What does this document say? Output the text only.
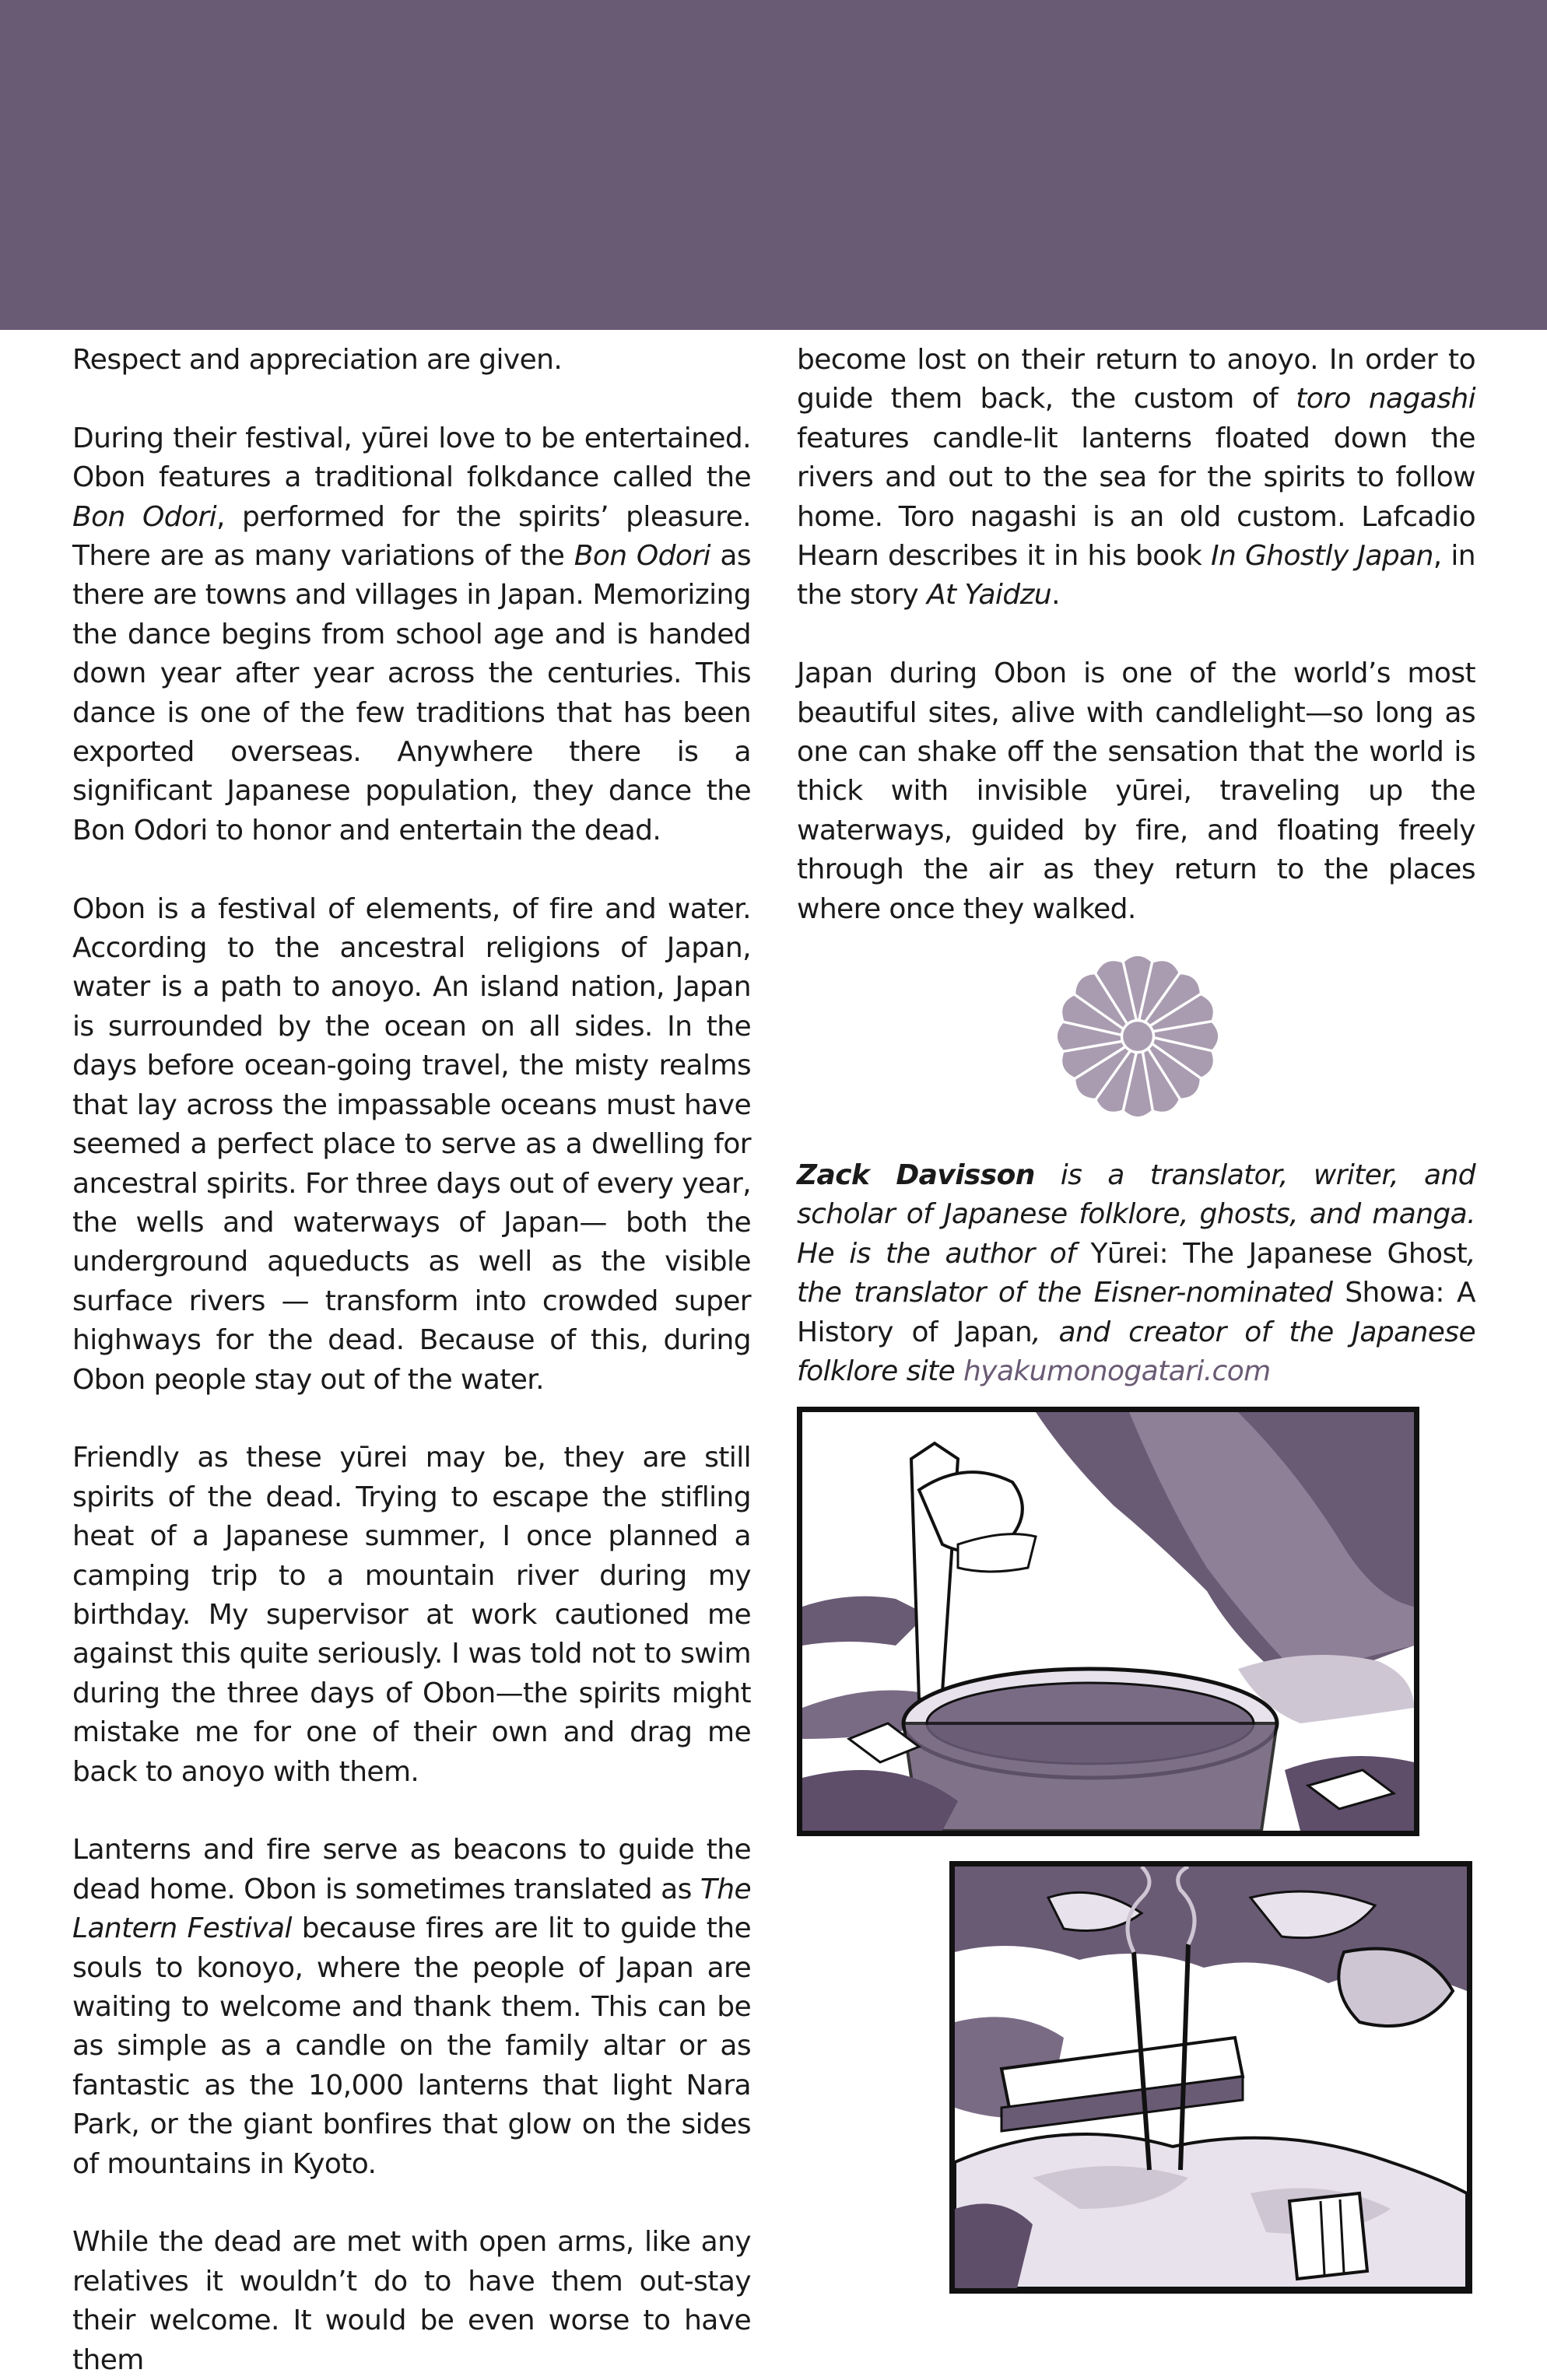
Respect and appreciation are given.

During their festival, yūrei love to be entertained. Obon features a traditional folkdance called the Bon Odori, performed for the spirits’ pleasure. There are as many variations of the Bon Odori as there are towns and villages in Japan. Memorizing the dance begins from school age and is handed down year after year across the centuries. This dance is one of the few traditions that has been exported overseas. Anywhere there is a significant Japanese population, they dance the Bon Odori to honor and entertain the dead.

Obon is a festival of elements, of fire and water. According to the ancestral religions of Japan, water is a path to anoyo. An island nation, Japan is surrounded by the ocean on all sides. In the days before ocean-going travel, the misty realms that lay across the impassable oceans must have seemed a perfect place to serve as a dwelling for ancestral spirits. For three days out of every year, the wells and waterways of Japan— both the underground aqueducts as well as the visible surface rivers — transform into crowded super highways for the dead. Because of this, during Obon people stay out of the water.

Friendly as these yūrei may be, they are still spirits of the dead. Trying to escape the stifling heat of a Japanese summer, I once planned a camping trip to a mountain river during my birthday. My supervisor at work cautioned me against this quite seriously. I was told not to swim during the three days of Obon—the spirits might mistake me for one of their own and drag me back to anoyo with them.

Lanterns and fire serve as beacons to guide the dead home. Obon is sometimes translated as The Lantern Festival because fires are lit to guide the souls to konoyo, where the people of Japan are waiting to welcome and thank them. This can be as simple as a candle on the family altar or as fantastic as the 10,000 lanterns that light Nara Park, or the giant bonfires that glow on the sides of mountains in Kyoto.

While the dead are met with open arms, like any relatives it wouldn’t do to have them out-stay their welcome. It would be even worse to have them

become lost on their return to anoyo. In order to guide them back, the custom of toro nagashi features candle-lit lanterns floated down the rivers and out to the sea for the spirits to follow home. Toro nagashi is an old custom. Lafcadio Hearn describes it in his book In Ghostly Japan, in the story At Yaidzu.

Japan during Obon is one of the world’s most beautiful sites, alive with candlelight—so long as one can shake off the sensation that the world is thick with invisible yūrei, traveling up the waterways, guided by fire, and floating freely through the air as they return to the places where once they walked.

Zack Davisson is a translator, writer, and scholar of Japanese folklore, ghosts, and manga. He is the author of Yūrei: The Japanese Ghost, the translator of the Eisner-nominated Showa: A History of Japan, and creator of the Japanese folklore site hyakumonogatari.com
